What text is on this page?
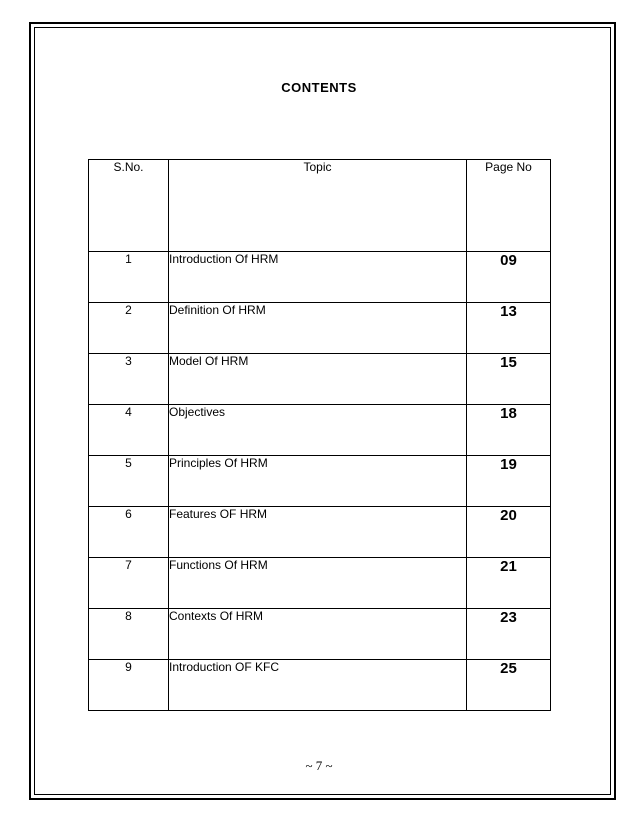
CONTENTS
S.No.	Topic	Page No
1	Introduction Of HRM	09
2	Definition Of HRM	13
3	Model Of HRM	15
4	Objectives	18
5	Principles Of HRM	19
6	Features OF HRM	20
7	Functions Of HRM	21
8	Contexts Of HRM	23
9	Introduction OF KFC	25
~ 7 ~
